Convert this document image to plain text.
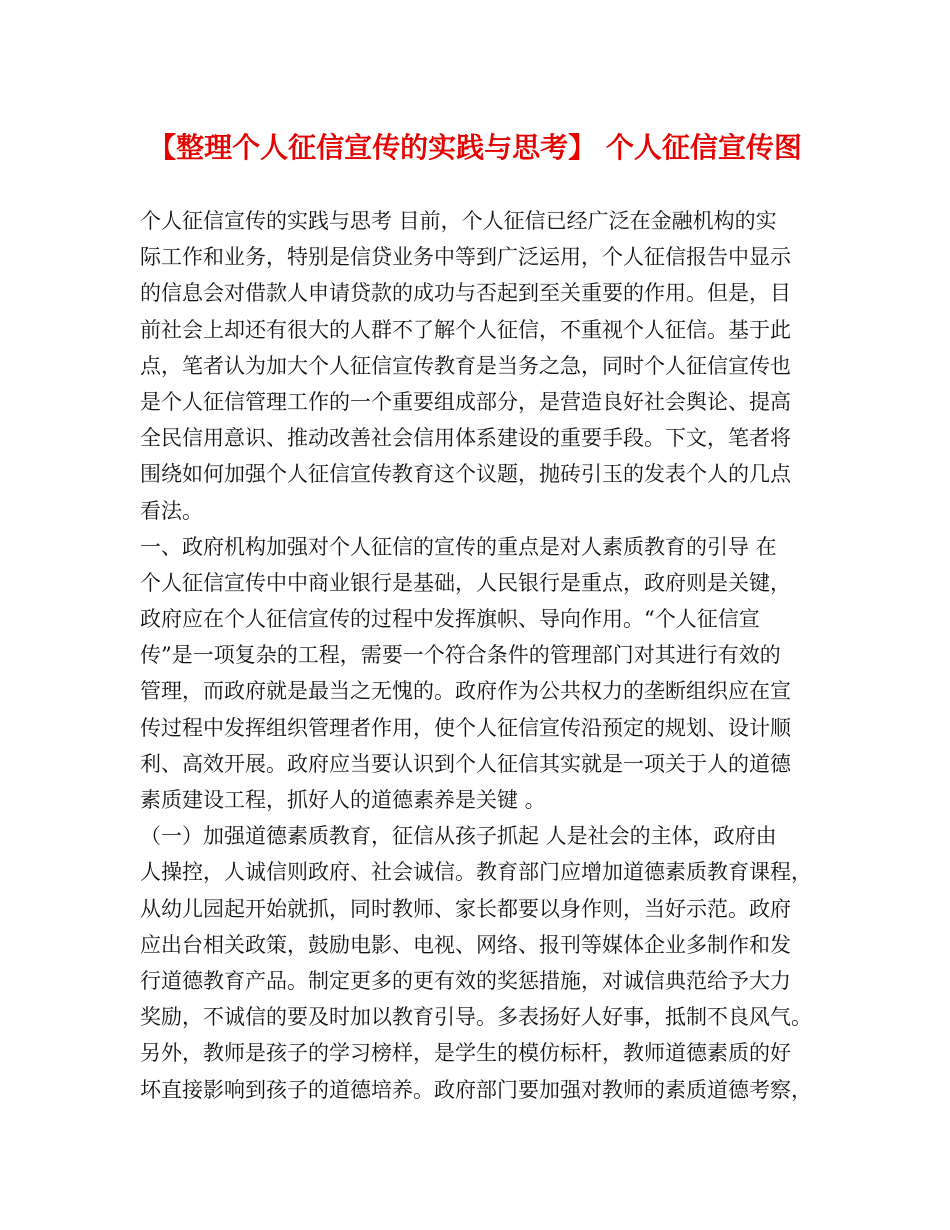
【整理个人征信宣传的实践与思考】 个人征信宣传图
个人征信宣传的实践与思考 目前，个人征信已经广泛在金融机构的实
际工作和业务，特别是信贷业务中等到广泛运用，个人征信报告中显示
的信息会对借款人申请贷款的成功与否起到至关重要的作用。但是，目
前社会上却还有很大的人群不了解个人征信，不重视个人征信。基于此
点，笔者认为加大个人征信宣传教育是当务之急，同时个人征信宣传也
是个人征信管理工作的一个重要组成部分，是营造良好社会舆论、提高
全民信用意识、推动改善社会信用体系建设的重要手段。下文，笔者将
围绕如何加强个人征信宣传教育这个议题，抛砖引玉的发表个人的几点
看法。
一、政府机构加强对个人征信的宣传的重点是对人素质教育的引导 在
个人征信宣传中中商业银行是基础，人民银行是重点，政府则是关键，
政府应在个人征信宣传的过程中发挥旗帜、导向作用。“个人征信宣
传”是一项复杂的工程，需要一个符合条件的管理部门对其进行有效的
管理，而政府就是最当之无愧的。政府作为公共权力的垄断组织应在宣
传过程中发挥组织管理者作用，使个人征信宣传沿预定的规划、设计顺
利、高效开展。政府应当要认识到个人征信其实就是一项关于人的道德
素质建设工程，抓好人的道德素养是关键 。
（一）加强道德素质教育，征信从孩子抓起 人是社会的主体，政府由
人操控，人诚信则政府、社会诚信。教育部门应增加道德素质教育课程，
从幼儿园起开始就抓，同时教师、家长都要以身作则，当好示范。政府
应出台相关政策，鼓励电影、电视、网络、报刊等媒体企业多制作和发
行道德教育产品。制定更多的更有效的奖惩措施，对诚信典范给予大力
奖励，不诚信的要及时加以教育引导。多表扬好人好事，抵制不良风气。
另外，教师是孩子的学习榜样，是学生的模仿标杆，教师道德素质的好
坏直接影响到孩子的道德培养。政府部门要加强对教师的素质道德考察，
